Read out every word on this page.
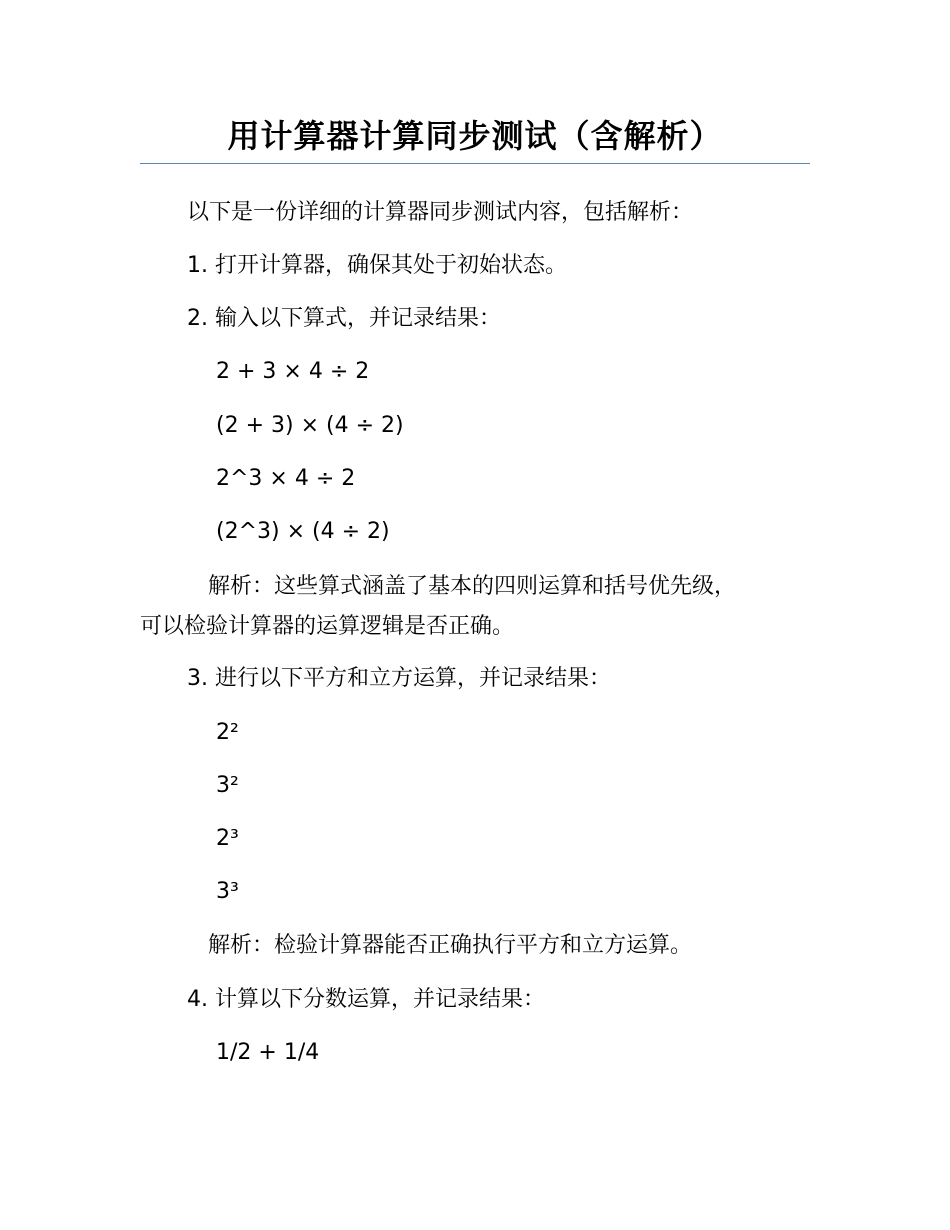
用计算器计算同步测试（含解析）
以下是一份详细的计算器同步测试内容，包括解析：
1. 打开计算器，确保其处于初始状态。
2. 输入以下算式，并记录结果：
2 + 3 × 4 ÷ 2
(2 + 3) × (4 ÷ 2)
2^3 × 4 ÷ 2
(2^3) × (4 ÷ 2)
解析：这些算式涵盖了基本的四则运算和括号优先级，
可以检验计算器的运算逻辑是否正确。
3. 进行以下平方和立方运算，并记录结果：
2²
3²
2³
3³
解析：检验计算器能否正确执行平方和立方运算。
4. 计算以下分数运算，并记录结果：
1/2 + 1/4
